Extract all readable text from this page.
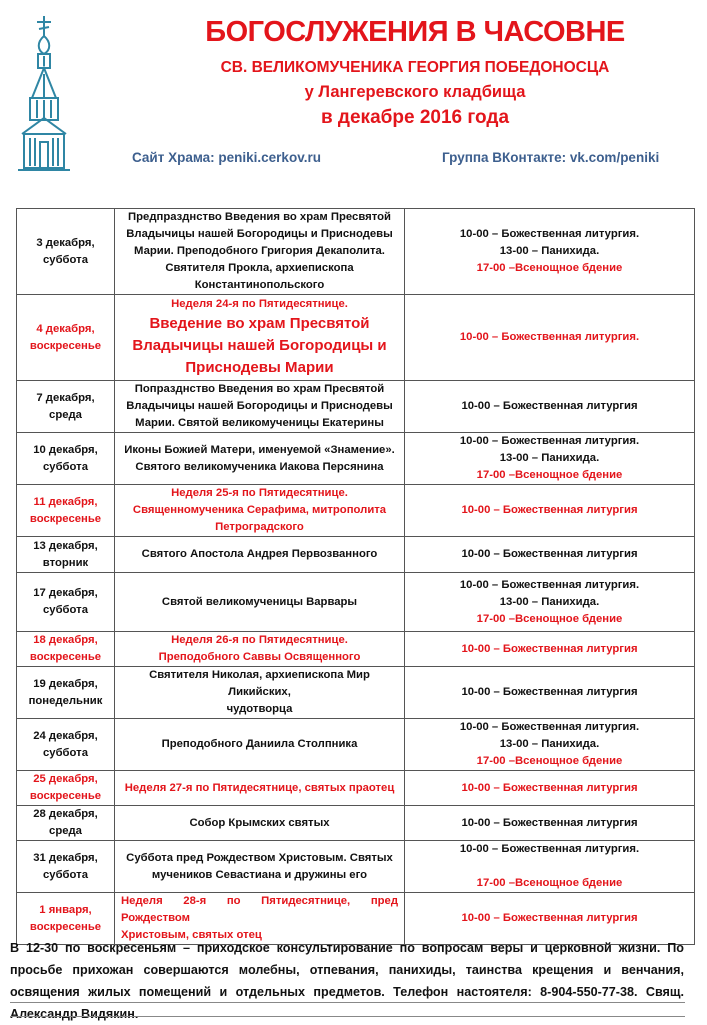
БОГОСЛУЖЕНИЯ В ЧАСОВНЕ
СВ. ВЕЛИКОМУЧЕНИКА ГЕОРГИЯ ПОБЕДОНОСЦА
у Лангеревского кладбища
в декабре 2016 года
Сайт Храма: peniki.cerkov.ru	Группа ВКонтакте: vk.com/peniki
3 декабря,
суббота	Предпразднство Введения во храм Пресвятой
Владычицы нашей Богородицы и Приснодевы
Марии. Преподобного Григория Декаполита.
Святителя Прокла, архиепископа
Константинопольского	10-00 – Божественная литургия.
13-00 – Панихида.
17-00 –Всенощное бдение

4 декабря,
воскресенье	Неделя 24-я по Пятидесятнице.
Введение во храм Пресвятой
Владычицы нашей Богородицы и
Приснодевы Марии	10-00 – Божественная литургия.

7 декабря,
среда	Попразднство Введения во храм Пресвятой
Владычицы нашей Богородицы и Приснодевы
Марии. Святой великомученицы Екатерины	10-00 – Божественная литургия

10 декабря,
суббота	Иконы Божией Матери, именуемой «Знамение».
Святого великомученика Иакова Персянина	10-00 – Божественная литургия.
13-00 – Панихида.
17-00 –Всенощное бдение

11 декабря,
воскресенье	Неделя 25-я по Пятидесятнице.
Священномученика Серафима, митрополита
Петроградского	10-00 – Божественная литургия

13 декабря,
вторник	Святого Апостола Андрея Первозванного	10-00 – Божественная литургия

17 декабря,
суббота	Святой великомученицы Варвары	10-00 – Божественная литургия.
13-00 – Панихида.
17-00 –Всенощное бдение

18 декабря,
воскресенье	Неделя 26-я по Пятидесятнице.
Преподобного Саввы Освященного	10-00 – Божественная литургия

19 декабря,
понедельник	Святителя Николая, архиепископа Мир Ликийских,
чудотворца	10-00 – Божественная литургия

24 декабря,
суббота	Преподобного Даниила Столпника	10-00 – Божественная литургия.
13-00 – Панихида.
17-00 –Всенощное бдение

25 декабря,
воскресенье	Неделя 27-я по Пятидесятнице, святых праотец	10-00 – Божественная литургия

28 декабря,
среда	Собор Крымских святых	10-00 – Божественная литургия

31 декабря,
суббота	Суббота пред Рождеством Христовым. Святых
мучеников Севастиана и дружины его	10-00 – Божественная литургия.
17-00 –Всенощное бдение

1 января,
воскресенье	Неделя 28-я по Пятидесятнице, пред Рождеством
Христовым, святых отец	10-00 – Божественная литургия
В 12-30 по воскресеньям – приходское консультирование по вопросам веры и церковной жизни. По просьбе прихожан совершаются молебны, отпевания, панихиды, таинства крещения и венчания, освящения жилых помещений и отдельных предметов. Телефон настоятеля: 8-904-550-77-38. Свящ. Александр Видякин.
